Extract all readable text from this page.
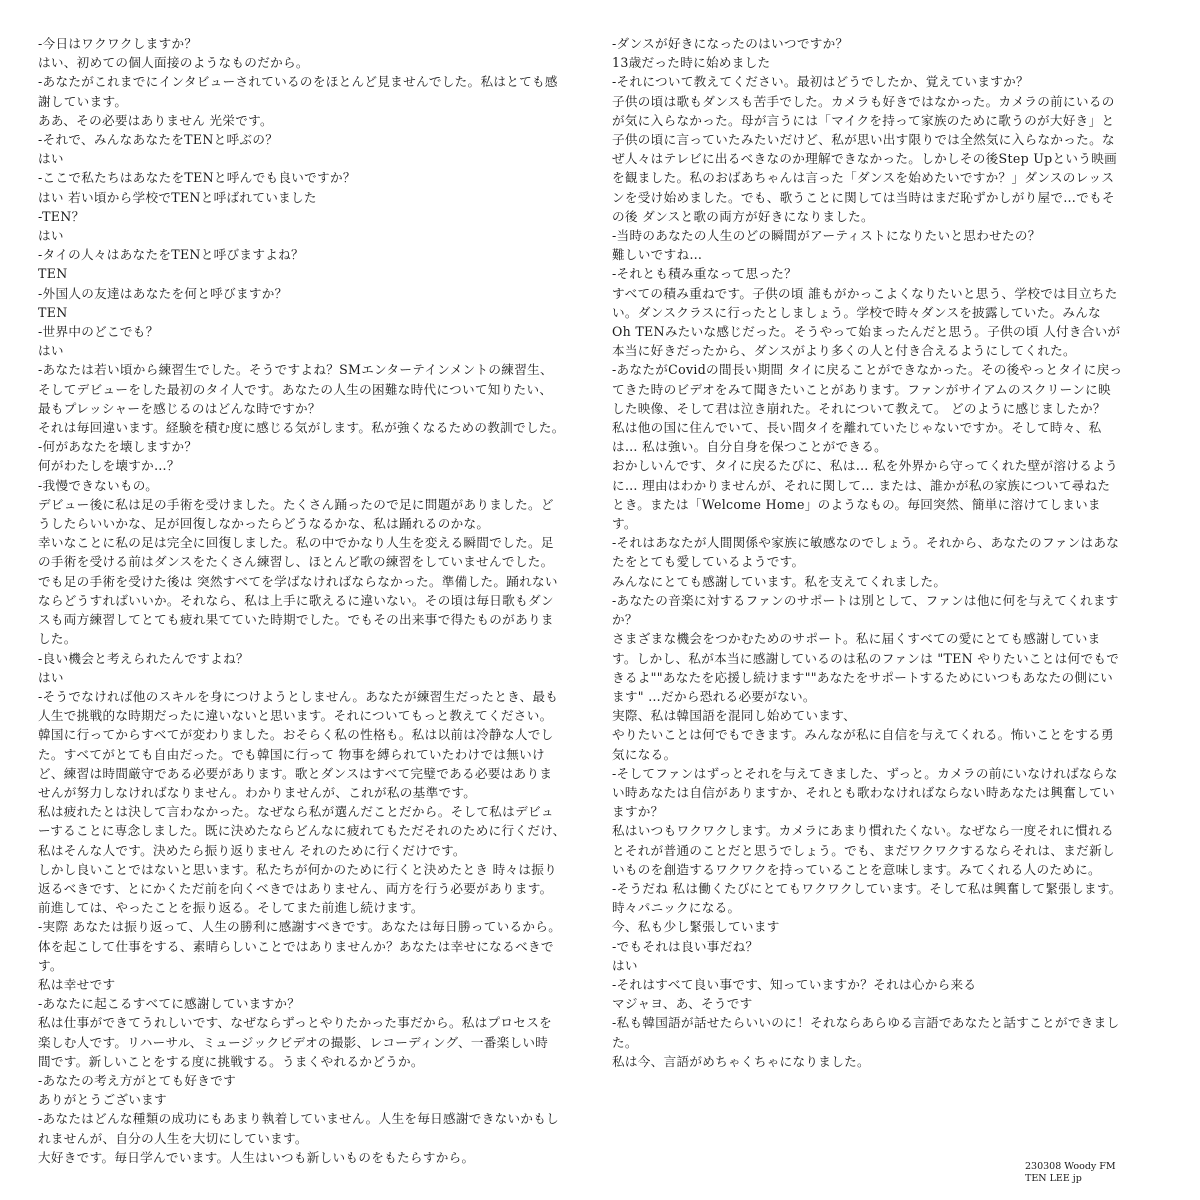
-今日はワクワクしますか？
はい、初めての個人面接のようなものだから。
-あなたがこれまでにインタビューされているのをほとんど見ませんでした。私はとても感
謝しています。
ああ、その必要はありません 光栄です。
-それで、みんなあなたをTENと呼ぶの？
はい
-ここで私たちはあなたをTENと呼んでも良いですか？
はい 若い頃から学校でTENと呼ばれていました
-TEN？
はい
-タイの人々はあなたをTENと呼びますよね？
TEN
-外国人の友達はあなたを何と呼びますか？
TEN
-世界中のどこでも？
はい
-あなたは若い頃から練習生でした。そうですよね？SMエンターテインメントの練習生、
そしてデビューをした最初のタイ人です。あなたの人生の困難な時代について知りたい、
最もプレッシャーを感じるのはどんな時ですか？
それは毎回違います。経験を積む度に感じる気がします。私が強くなるための教訓でした。
-何があなたを壊しますか？
何がわたしを壊すか…？
-我慢できないもの。
デビュー後に私は足の手術を受けました。たくさん踊ったので足に問題がありました。ど
うしたらいいかな、足が回復しなかったらどうなるかな、私は踊れるのかな。
幸いなことに私の足は完全に回復しました。私の中でかなり人生を変える瞬間でした。足
の手術を受ける前はダンスをたくさん練習し、ほとんど歌の練習をしていませんでした。
でも足の手術を受けた後は 突然すべてを学ばなければならなかった。準備した。踊れない
ならどうすればいいか。それなら、私は上手に歌えるに違いない。その頃は毎日歌もダン
スも両方練習してとても疲れ果てていた時期でした。でもその出来事で得たものがありま
した。
-良い機会と考えられたんですよね？
はい
-そうでなければ他のスキルを身につけようとしません。あなたが練習生だったとき、最も
人生で挑戦的な時期だったに違いないと思います。それについてもっと教えてください。
韓国に行ってからすべてが変わりました。おそらく私の性格も。私は以前は冷静な人でし
た。すべてがとても自由だった。でも韓国に行って 物事を縛られていたわけでは無いけ
ど、練習は時間厳守である必要があります。歌とダンスはすべて完璧である必要はありま
せんが努力しなければなりません。わかりませんが、これが私の基準です。
私は疲れたとは決して言わなかった。なぜなら私が選んだことだから。そして私はデビュ
ーすることに専念しました。既に決めたならどんなに疲れてもただそれのために行くだけ、
私はそんな人です。決めたら振り返りません それのために行くだけです。
しかし良いことではないと思います。私たちが何かのために行くと決めたとき 時々は振り
返るべきです、とにかくただ前を向くべきではありません、両方を行う必要があります。
前進しては、やったことを振り返る。そしてまた前進し続けます。
-実際 あなたは振り返って、人生の勝利に感謝すべきです。あなたは毎日勝っているから。
体を起こして仕事をする、素晴らしいことではありませんか？あなたは幸せになるべきで
す。
私は幸せです
-あなたに起こるすべてに感謝していますか？
私は仕事ができてうれしいです、なぜならずっとやりたかった事だから。私はプロセスを
楽しむ人です。リハーサル、ミュージックビデオの撮影、レコーディング、一番楽しい時
間です。新しいことをする度に挑戦する。うまくやれるかどうか。
-あなたの考え方がとても好きです
ありがとうございます
-あなたはどんな種類の成功にもあまり執着していません。人生を毎日感謝できないかもし
れませんが、自分の人生を大切にしています。
大好きです。毎日学んでいます。人生はいつも新しいものをもたらすから。
-ダンスが好きになったのはいつですか？
13歳だった時に始めました
-それについて教えてください。最初はどうでしたか、覚えていますか？
子供の頃は歌もダンスも苦手でした。カメラも好きではなかった。カメラの前にいるの
が気に入らなかった。母が言うには「マイクを持って家族のために歌うのが大好き」と
子供の頃に言っていたみたいだけど、私が思い出す限りでは全然気に入らなかった。な
ぜ人々はテレビに出るべきなのか理解できなかった。しかしその後Step Upという映画
を観ました。私のおばあちゃんは言った「ダンスを始めたいですか？」ダンスのレッス
ンを受け始めました。でも、歌うことに関しては当時はまだ恥ずかしがり屋で…でもそ
の後 ダンスと歌の両方が好きになりました。
-当時のあなたの人生のどの瞬間がアーティストになりたいと思わせたの？
難しいですね…
-それとも積み重なって思った？
すべての積み重ねです。子供の頃 誰もがかっこよくなりたいと思う、学校では目立ちた
い。ダンスクラスに行ったとしましょう。学校で時々ダンスを披露していた。みんな
Oh TENみたいな感じだった。そうやって始まったんだと思う。子供の頃 人付き合いが
本当に好きだったから、ダンスがより多くの人と付き合えるようにしてくれた。
-あなたがCovidの間長い期間 タイに戻ることができなかった。その後やっとタイに戻っ
てきた時のビデオをみて聞きたいことがあります。ファンがサイアムのスクリーンに映
した映像、そして君は泣き崩れた。それについて教えて。 どのように感じましたか？
私は他の国に住んでいて、長い間タイを離れていたじゃないですか。そして時々、私
は… 私は強い。自分自身を保つことができる。
おかしいんです、タイに戻るたびに、私は… 私を外界から守ってくれた壁が溶けるよう
に… 理由はわかりませんが、それに関して… または、誰かが私の家族について尋ねた
とき。または「Welcome Home」のようなもの。毎回突然、簡単に溶けてしまいま
す。
-それはあなたが人間関係や家族に敏感なのでしょう。それから、あなたのファンはあな
たをとても愛しているようです。
みんなにとても感謝しています。私を支えてくれました。
-あなたの音楽に対するファンのサポートは別として、ファンは他に何を与えてくれます
か？
さまざまな機会をつかむためのサポート。私に届くすべての愛にとても感謝していま
す。しかし、私が本当に感謝しているのは私のファンは "TEN やりたいことは何でもで
きるよ""あなたを応援し続けます""あなたをサポートするためにいつもあなたの側にい
ます" …だから恐れる必要がない。
実際、私は韓国語を混同し始めています、
やりたいことは何でもできます。みんなが私に自信を与えてくれる。怖いことをする勇
気になる。
-そしてファンはずっとそれを与えてきました、ずっと。カメラの前にいなければならな
い時あなたは自信がありますか、それとも歌わなければならない時あなたは興奮してい
ますか？
私はいつもワクワクします。カメラにあまり慣れたくない。なぜなら一度それに慣れる
とそれが普通のことだと思うでしょう。でも、まだワクワクするならそれは、まだ新し
いものを創造するワクワクを持っていることを意味します。みてくれる人のために。
-そうだね 私は働くたびにとてもワクワクしています。そして私は興奮して緊張します。
時々パニックになる。
今、私も少し緊張しています
-でもそれは良い事だね？
はい
-それはすべて良い事です、知っていますか？それは心から来る
マジャヨ、あ、そうです
-私も韓国語が話せたらいいのに！それならあらゆる言語であなたと話すことができまし
た。
私は今、言語がめちゃくちゃになりました。
230308 Woody FM
TEN LEE jp
